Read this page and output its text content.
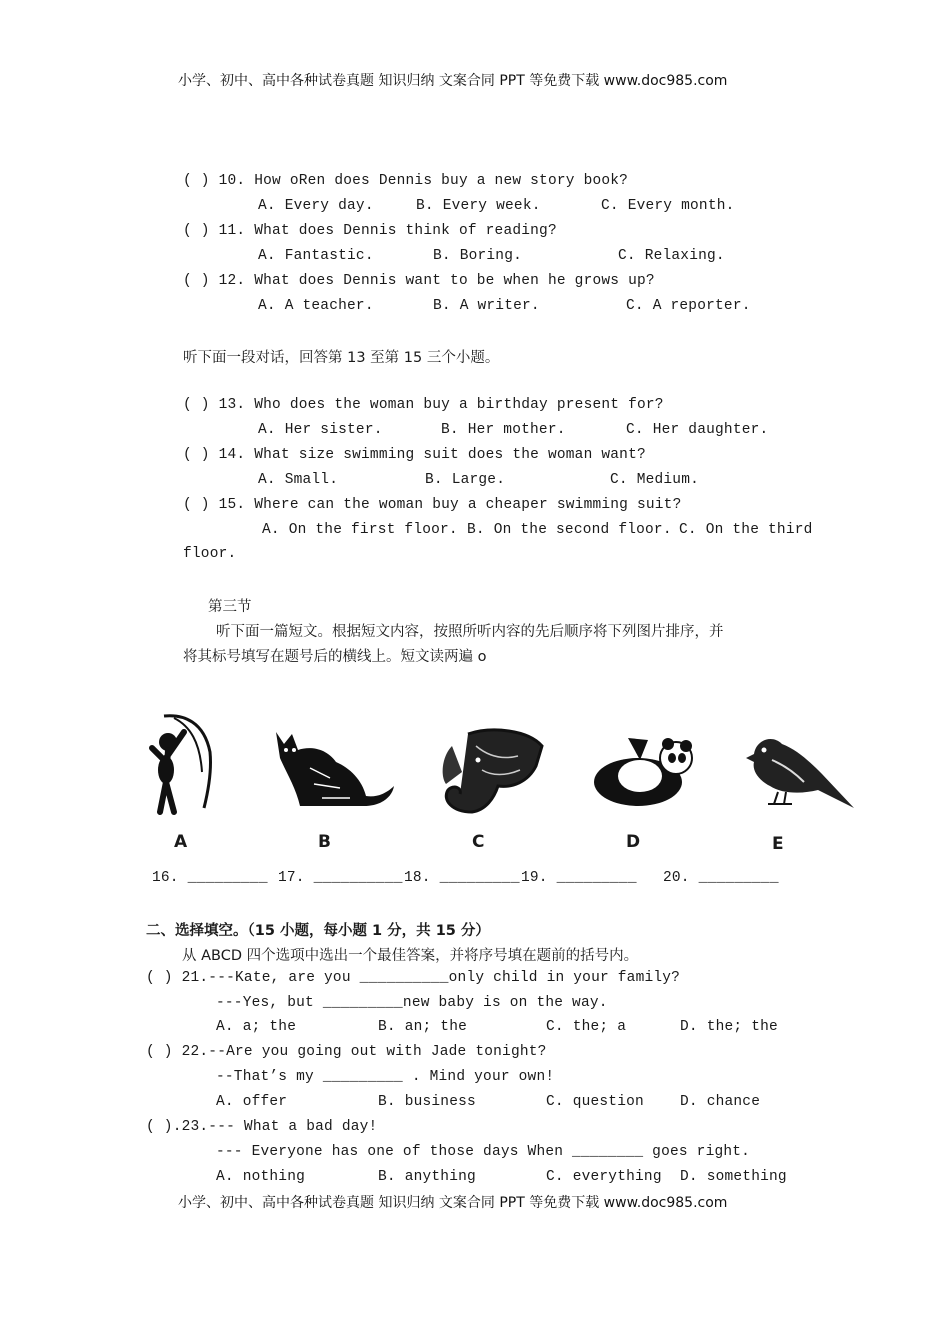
小学、初中、高中各种试卷真题 知识归纳 文案合同 PPT 等免费下载 www.doc985.com
( ) 10. How oRen does Dennis buy a new story book?
A. Every day.	B. Every week.	C. Every month.
( ) 11. What does Dennis think of reading?
A. Fantastic.	B. Boring.	C. Relaxing.
( ) 12. What does Dennis want to be when he grows up?
A. A teacher.	B. A writer.	C. A reporter.
听下面一段对话，回答第 13 至第 15 三个小题。
( ) 13. Who does the woman buy a birthday present for?
A. Her sister.	B. Her mother.	C. Her daughter.
( ) 14. What size swimming suit does the woman want?
A. Small.	B. Large.	C. Medium.
( ) 15. Where can the woman buy a cheaper swimming suit?
A. On the first floor. B. On the second floor. C. On the third
floor.
第三节
听下面一篇短文。根据短文内容，按照所听内容的先后顺序将下列图片排序，并
将其标号填写在题号后的横线上。短文读两遍 o
A	B	C	D	E
16. _________ 17. __________ 18. _________ 19. _________ 20. _________
二、选择填空。（15 小题，每小题 1 分，共 15 分）
从 ABCD 四个选项中选出一个最佳答案，并将序号填在题前的括号内。
( ) 21.---Kate, are you __________only child in your family?
---Yes, but _________new baby is on the way.
A. a; the	B. an; the	C. the; a	D. the; the
( ) 22.--Are you going out with Jade tonight?
--That’s my _________ . Mind your own!
A. offer	B. business	C. question D. chance
( ).23.--- What a bad day!
--- Everyone has one of those days When ________ goes right.
A. nothing	B. anything	C. everything D. something
小学、初中、高中各种试卷真题 知识归纳 文案合同 PPT 等免费下载 www.doc985.com
